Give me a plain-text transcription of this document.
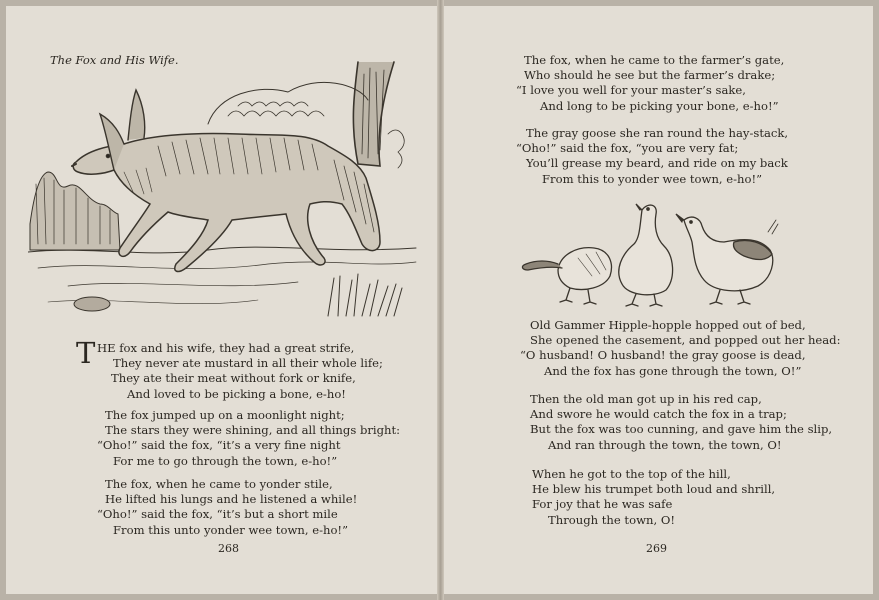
The Fox and His Wife.
T HE fox and his wife, they had a great strife,
They never ate mustard in all their whole life;
They ate their meat without fork or knife,
And loved to be picking a bone, e-ho!
The fox jumped up on a moonlight night;
The stars they were shining, and all things bright:
“Oho!” said the fox, “it’s a very fine night
For me to go through the town, e-ho!”
The fox, when he came to yonder stile,
He lifted his lungs and he listened a while!
“Oho!” said the fox, “it’s but a short mile
From this unto yonder wee town, e-ho!”
268
The fox, when he came to the farmer’s gate,
Who should he see but the farmer’s drake;
“I love you well for your master’s sake,
And long to be picking your bone, e-ho!”
The gray goose she ran round the hay-stack,
“Oho!” said the fox, “you are very fat;
You’ll grease my beard, and ride on my back
From this to yonder wee town, e-ho!”
Old Gammer Hipple-hopple hopped out of bed,
She opened the casement, and popped out her head:
“O husband! O husband! the gray goose is dead,
And the fox has gone through the town, O!”
Then the old man got up in his red cap,
And swore he would catch the fox in a trap;
But the fox was too cunning, and gave him the slip,
And ran through the town, the town, O!
When he got to the top of the hill,
He blew his trumpet both loud and shrill,
For joy that he was safe
Through the town, O!
269
